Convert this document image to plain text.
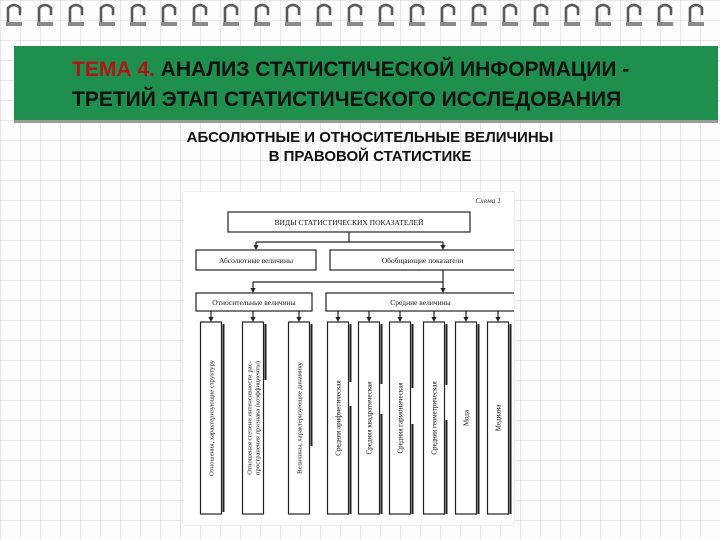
ТЕМА 4. АНАЛИЗ СТАТИСТИЧЕСКОЙ ИНФОРМАЦИИ -
ТРЕТИЙ ЭТАП СТАТИСТИЧЕСКОГО ИССЛЕДОВАНИЯ
АБСОЛЮТНЫЕ И ОТНОСИТЕЛЬНЫЕ ВЕЛИЧИНЫ
В ПРАВОВОЙ СТАТИСТИКЕ
Схема 1
ВИДЫ СТАТИСТИЧЕСКИХ ПОКАЗАТЕЛЕЙ
Абсолютные величины	Обобщающие показатели
Относительные величины	Средние величины
Отношения, характеризующие структуру	Отношения степени интенсивности рас- пространения признака (коэффициенты)	Величины, характеризующие динамику	Средняя арифметическая	Средняя квадратическая	Средняя гармоническая	Средняя геометрическая	Мода	Медиана
